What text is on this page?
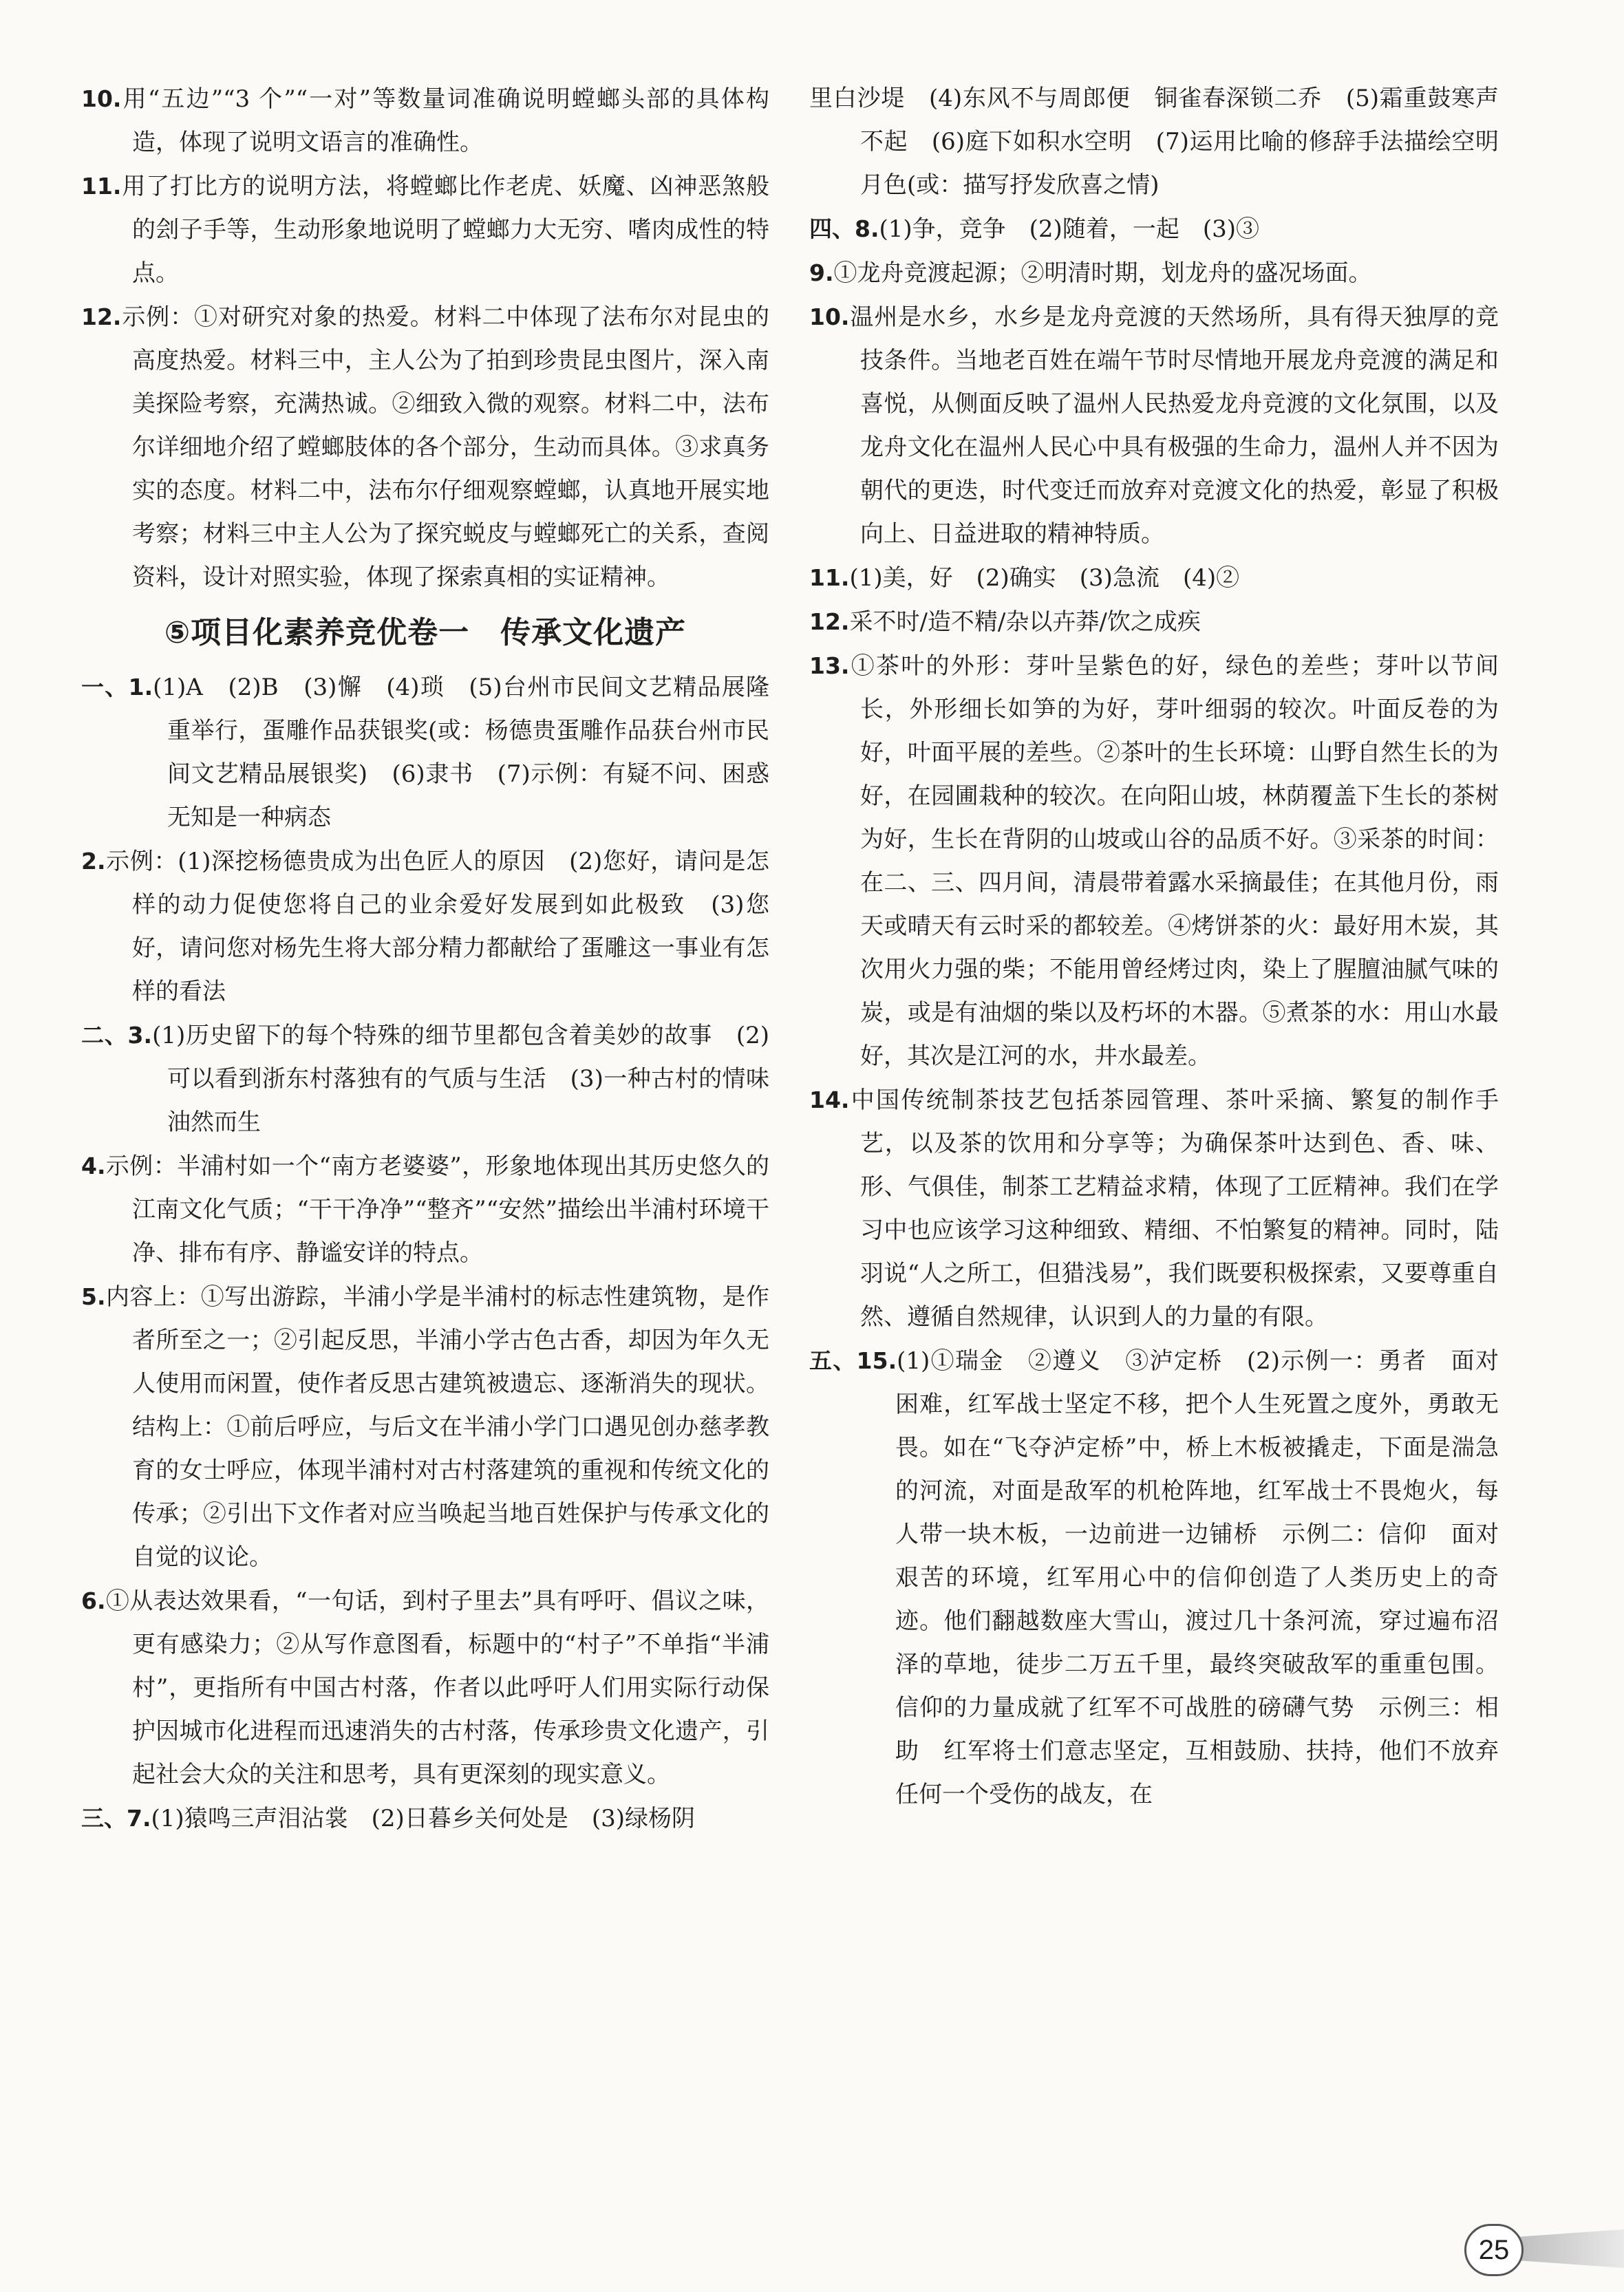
10.用“五边”“3 个”“一对”等数量词准确说明螳螂头部的具体构造，体现了说明文语言的准确性。

11.用了打比方的说明方法，将螳螂比作老虎、妖魔、凶神恶煞般的刽子手等，生动形象地说明了螳螂力大无穷、嗜肉成性的特点。

12.示例：①对研究对象的热爱。材料二中体现了法布尔对昆虫的高度热爱。材料三中，主人公为了拍到珍贵昆虫图片，深入南美探险考察，充满热诚。②细致入微的观察。材料二中，法布尔详细地介绍了螳螂肢体的各个部分，生动而具体。③求真务实的态度。材料二中，法布尔仔细观察螳螂，认真地开展实地考察；材料三中主人公为了探究蜕皮与螳螂死亡的关系，查阅资料，设计对照实验，体现了探索真相的实证精神。

⑤项目化素养竞优卷一　传承文化遗产

一、1.(1)A　(2)B　(3)懈　(4)琐　(5)台州市民间文艺精品展隆重举行，蛋雕作品获银奖(或：杨德贵蛋雕作品获台州市民间文艺精品展银奖)　(6)隶书　(7)示例：有疑不问、困惑无知是一种病态

2.示例：(1)深挖杨德贵成为出色匠人的原因　(2)您好，请问是怎样的动力促使您将自己的业余爱好发展到如此极致　(3)您好，请问您对杨先生将大部分精力都献给了蛋雕这一事业有怎样的看法

二、3.(1)历史留下的每个特殊的细节里都包含着美妙的故事　(2)可以看到浙东村落独有的气质与生活　(3)一种古村的情味油然而生

4.示例：半浦村如一个“南方老婆婆”，形象地体现出其历史悠久的江南文化气质；“干干净净”“整齐”“安然”描绘出半浦村环境干净、排布有序、静谧安详的特点。

5.内容上：①写出游踪，半浦小学是半浦村的标志性建筑物，是作者所至之一；②引起反思，半浦小学古色古香，却因为年久无人使用而闲置，使作者反思古建筑被遗忘、逐渐消失的现状。结构上：①前后呼应，与后文在半浦小学门口遇见创办慈孝教育的女士呼应，体现半浦村对古村落建筑的重视和传统文化的传承；②引出下文作者对应当唤起当地百姓保护与传承文化的自觉的议论。

6.①从表达效果看，“一句话，到村子里去”具有呼吁、倡议之味，更有感染力；②从写作意图看，标题中的“村子”不单指“半浦村”，更指所有中国古村落，作者以此呼吁人们用实际行动保护因城市化进程而迅速消失的古村落，传承珍贵文化遗产，引起社会大众的关注和思考，具有更深刻的现实意义。

三、7.(1)猿鸣三声泪沾裳　(2)日暮乡关何处是　(3)绿杨阴

里白沙堤　(4)东风不与周郎便　铜雀春深锁二乔　(5)霜重鼓寒声不起　(6)庭下如积水空明　(7)运用比喻的修辞手法描绘空明月色(或：描写抒发欣喜之情)

四、8.(1)争，竞争　(2)随着，一起　(3)③

9.①龙舟竞渡起源；②明清时期，划龙舟的盛况场面。

10.温州是水乡，水乡是龙舟竞渡的天然场所，具有得天独厚的竞技条件。当地老百姓在端午节时尽情地开展龙舟竞渡的满足和喜悦，从侧面反映了温州人民热爱龙舟竞渡的文化氛围，以及龙舟文化在温州人民心中具有极强的生命力，温州人并不因为朝代的更迭，时代变迁而放弃对竞渡文化的热爱，彰显了积极向上、日益进取的精神特质。

11.(1)美，好　(2)确实　(3)急流　(4)②

12.采不时/造不精/杂以卉莽/饮之成疾

13.①茶叶的外形：芽叶呈紫色的好，绿色的差些；芽叶以节间长，外形细长如笋的为好，芽叶细弱的较次。叶面反卷的为好，叶面平展的差些。②茶叶的生长环境：山野自然生长的为好，在园圃栽种的较次。在向阳山坡，林荫覆盖下生长的茶树为好，生长在背阴的山坡或山谷的品质不好。③采茶的时间：在二、三、四月间，清晨带着露水采摘最佳；在其他月份，雨天或晴天有云时采的都较差。④烤饼茶的火：最好用木炭，其次用火力强的柴；不能用曾经烤过肉，染上了腥膻油腻气味的炭，或是有油烟的柴以及朽坏的木器。⑤煮茶的水：用山水最好，其次是江河的水，井水最差。

14.中国传统制茶技艺包括茶园管理、茶叶采摘、繁复的制作手艺，以及茶的饮用和分享等；为确保茶叶达到色、香、味、形、气俱佳，制茶工艺精益求精，体现了工匠精神。我们在学习中也应该学习这种细致、精细、不怕繁复的精神。同时，陆羽说“人之所工，但猎浅易”，我们既要积极探索，又要尊重自然、遵循自然规律，认识到人的力量的有限。

五、15.(1)①瑞金　②遵义　③泸定桥　(2)示例一：勇者　面对困难，红军战士坚定不移，把个人生死置之度外，勇敢无畏。如在“飞夺泸定桥”中，桥上木板被撬走，下面是湍急的河流，对面是敌军的机枪阵地，红军战士不畏炮火，每人带一块木板，一边前进一边铺桥　示例二：信仰　面对艰苦的环境，红军用心中的信仰创造了人类历史上的奇迹。他们翻越数座大雪山，渡过几十条河流，穿过遍布沼泽的草地，徒步二万五千里，最终突破敌军的重重包围。信仰的力量成就了红军不可战胜的磅礴气势　示例三：相助　红军将士们意志坚定，互相鼓励、扶持，他们不放弃任何一个受伤的战友，在

25
